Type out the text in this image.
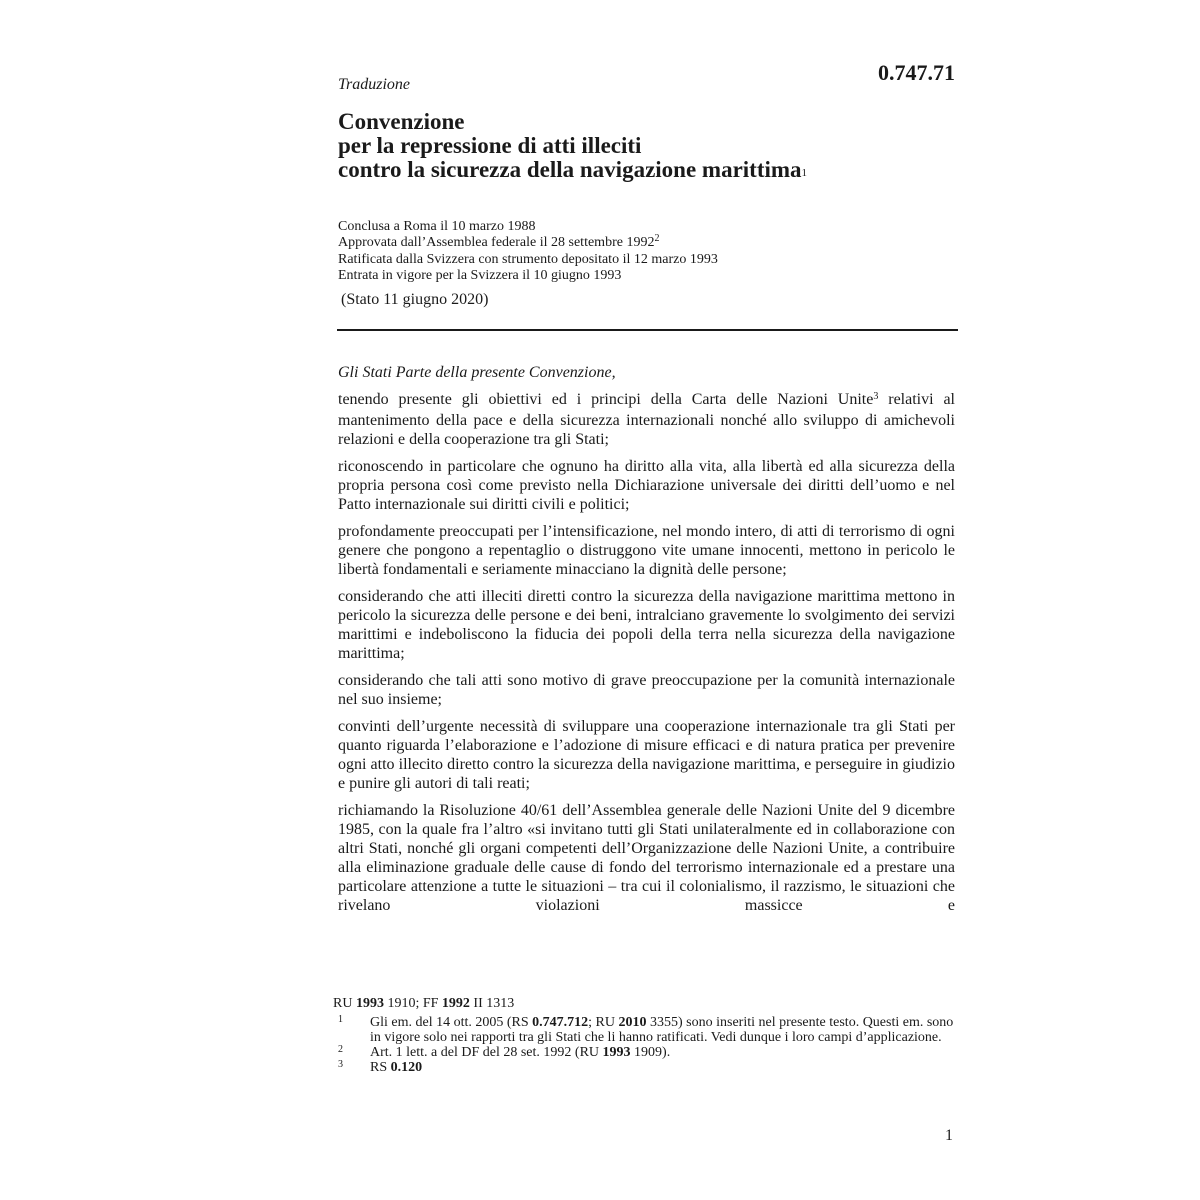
0.747.71
Traduzione
Convenzione
per la repressione di atti illeciti
contro la sicurezza della navigazione marittima$^1$
Conclusa a Roma il 10 marzo 1988
Approvata dall’Assemblea federale il 28 settembre 1992$^2$
Ratificata dalla Svizzera con strumento depositato il 12 marzo 1993
Entrata in vigore per la Svizzera il 10 giugno 1993
(Stato 11 giugno 2020)

Gli Stati Parte della presente Convenzione,

tenendo presente gli obiettivi ed i principi della Carta delle Nazioni Unite$^3$ relativi al mantenimento della pace e della sicurezza internazionali nonché allo sviluppo di amichevoli relazioni e della cooperazione tra gli Stati;

riconoscendo in particolare che ognuno ha diritto alla vita, alla libertà ed alla sicurezza della propria persona così come previsto nella Dichiarazione universale dei diritti dell’uomo e nel Patto internazionale sui diritti civili e politici;

profondamente preoccupati per l’intensificazione, nel mondo intero, di atti di terrorismo di ogni genere che pongono a repentaglio o distruggono vite umane innocenti, mettono in pericolo le libertà fondamentali e seriamente minacciano la dignità delle persone;

considerando che atti illeciti diretti contro la sicurezza della navigazione marittima mettono in pericolo la sicurezza delle persone e dei beni, intralciano gravemente lo svolgimento dei servizi marittimi e indeboliscono la fiducia dei popoli della terra nella sicurezza della navigazione marittima;

considerando che tali atti sono motivo di grave preoccupazione per la comunità internazionale nel suo insieme;

convinti dell’urgente necessità di sviluppare una cooperazione internazionale tra gli Stati per quanto riguarda l’elaborazione e l’adozione di misure efficaci e di natura pratica per prevenire ogni atto illecito diretto contro la sicurezza della navigazione marittima, e perseguire in giudizio e punire gli autori di tali reati;

richiamando la Risoluzione 40/61 dell’Assemblea generale delle Nazioni Unite del 9 dicembre 1985, con la quale fra l’altro «si invitano tutti gli Stati unilateralmente ed in collaborazione con altri Stati, nonché gli organi competenti dell’Organizzazione delle Nazioni Unite, a contribuire alla eliminazione graduale delle cause di fondo del terrorismo internazionale ed a prestare una particolare attenzione a tutte le situazioni – tra cui il colonialismo, il razzismo, le situazioni che rivelano violazioni massicce e

RU 1993 1910; FF 1992 II 1313
1 Gli em. del 14 ott. 2005 (RS 0.747.712; RU 2010 3355) sono inseriti nel presente testo. Questi em. sono in vigore solo nei rapporti tra gli Stati che li hanno ratificati. Vedi dunque i loro campi d’applicazione.
2 Art. 1 lett. a del DF del 28 set. 1992 (RU 1993 1909).
3 RS 0.120
1
